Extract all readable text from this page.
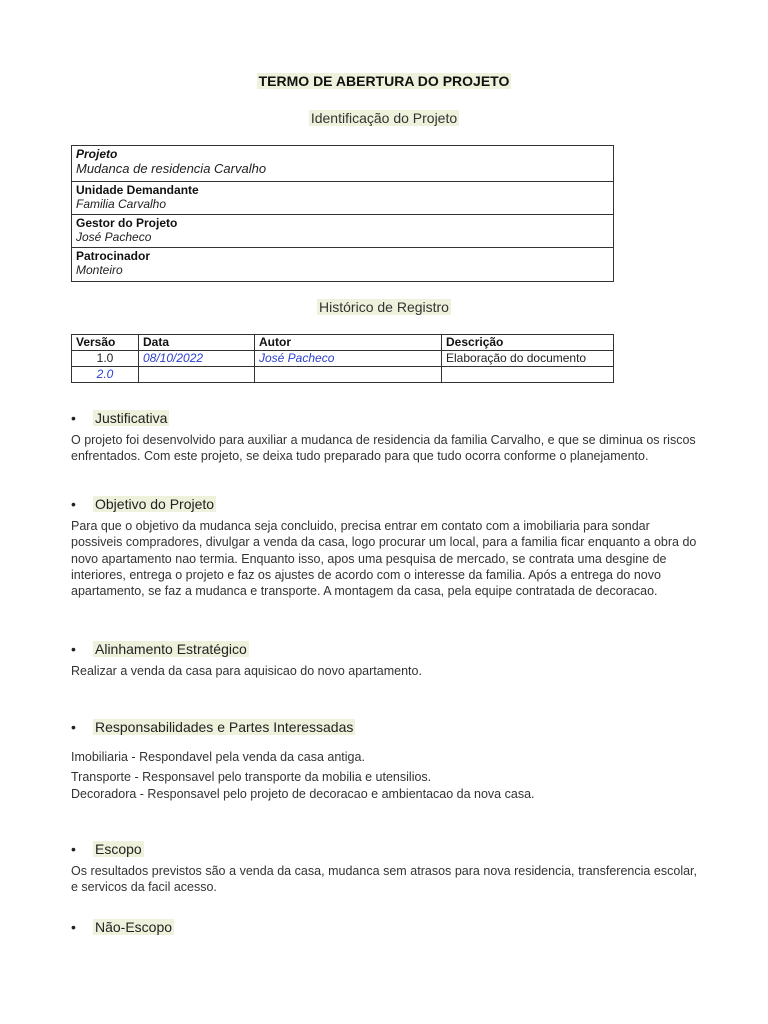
TERMO DE ABERTURA DO PROJETO
Identificação do Projeto
Projeto
Mudanca de residencia Carvalho

Unidade Demandante
Familia Carvalho

Gestor do Projeto
José Pacheco

Patrocinador
Monteiro
Histórico de Registro
Versão	Data	Autor	Descrição
1.0	08/10/2022	José Pacheco	Elaboração do documento
2.0			
• Justificativa
O projeto foi desenvolvido para auxiliar a mudanca de residencia da familia Carvalho, e que se diminua os riscos enfrentados. Com este projeto, se deixa tudo preparado para que tudo ocorra conforme o planejamento.
• Objetivo do Projeto
Para que o objetivo da mudanca seja concluido, precisa entrar em contato com a imobiliaria para sondar possiveis compradores, divulgar a venda da casa, logo procurar um local, para a familia ficar enquanto a obra do novo apartamento nao termia. Enquanto isso, apos uma pesquisa de mercado, se contrata uma desgine de interiores, entrega o projeto e faz os ajustes de acordo com o interesse da familia. Após a entrega do novo apartamento, se faz a mudanca e transporte. A montagem da casa, pela equipe contratada de decoracao.
• Alinhamento Estratégico
Realizar a venda da casa para aquisicao do novo apartamento.
• Responsabilidades e Partes Interessadas
Imobiliaria - Respondavel pela venda da casa antiga.
Transporte - Responsavel pelo transporte da mobilia e utensilios.
Decoradora - Responsavel pelo projeto de decoracao e ambientacao da nova casa.
• Escopo
Os resultados previstos são a venda da casa, mudanca sem atrasos para nova residencia, transferencia escolar, e servicos da facil acesso.
• Não-Escopo
